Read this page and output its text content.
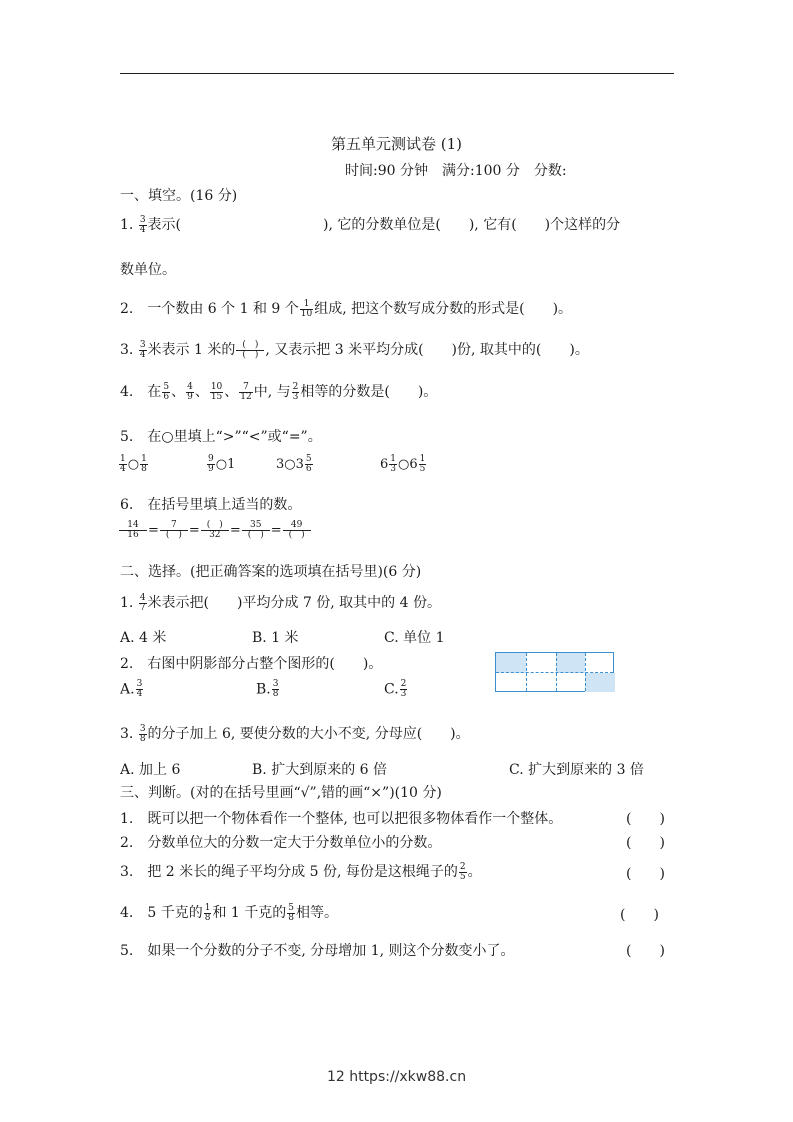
第五单元测试卷 (1)
时间:90 分钟　满分:100 分　分数:
一、填空。(16 分)
1. $\frac{3}{4}$ 表示(	), 它的分数单位是(　　), 它有(　　)个这样的分
数单位。
2.　一个数由 6 个 1 和 9 个 $\frac{1}{10}$ 组成, 把这个数写成分数的形式是(　　)。
3. $\frac{3}{4}$ 米表示 1 米的 (　)
(　) , 又表示把 3 米平均分成(　　)份, 取其中的(　　)。
4.　在 $\frac{5}{6}$ 、 $\frac{4}{9}$ 、 $\frac{10}{15}$ 、 $\frac{7}{12}$ 中, 与 $\frac{2}{3}$ 相等的分数是(　　)。
5.　在○里填上“>”“<”或“=”。
$\frac{1}{4}$ ○ $\frac{1}{8}$	$\frac{9}{9}$ ○1	3○3 $\frac{5}{6}$	$6 \frac{1}{3}$ ○6 $\frac{1}{5}$
6.　在括号里填上适当的数。
$\frac{14}{16}$ =	7
(　) = (　)
32 =	35
(　) =	49
(　)
二、选择。(把正确答案的选项填在括号里)(6 分)
1. $\frac{4}{7}$ 米表示把(　　)平均分成 7 份, 取其中的 4 份。
A. 4 米	B. 1 米	C. 单位 1
2.　右图中阴影部分占整个图形的(　　)。
A. $\frac{3}{4}$	B. $\frac{3}{8}$	C. $\frac{2}{3}$
3. $\frac{3}{8}$ 的分子加上 6, 要使分数的大小不变, 分母应(　　)。
A. 加上 6	B. 扩大到原来的 6 倍	C. 扩大到原来的 3 倍
三、判断。(对的在括号里画“√”,错的画“×”)(10 分)
1.　既可以把一个物体看作一个整体, 也可以把很多物体看作一个整体。	(　　)
2.　分数单位大的分数一定大于分数单位小的分数。	(　　)
3.　把 2 米长的绳子平均分成 5 份, 每份是这根绳子的 $\frac{2}{5}$ 。	(　　)
4.　5 千克的 $\frac{1}{8}$ 和 1 千克的 $\frac{5}{8}$ 相等。	(　　)
5.　如果一个分数的分子不变, 分母增加 1, 则这个分数变小了。	(　　)
12 https://xkw88.cn
